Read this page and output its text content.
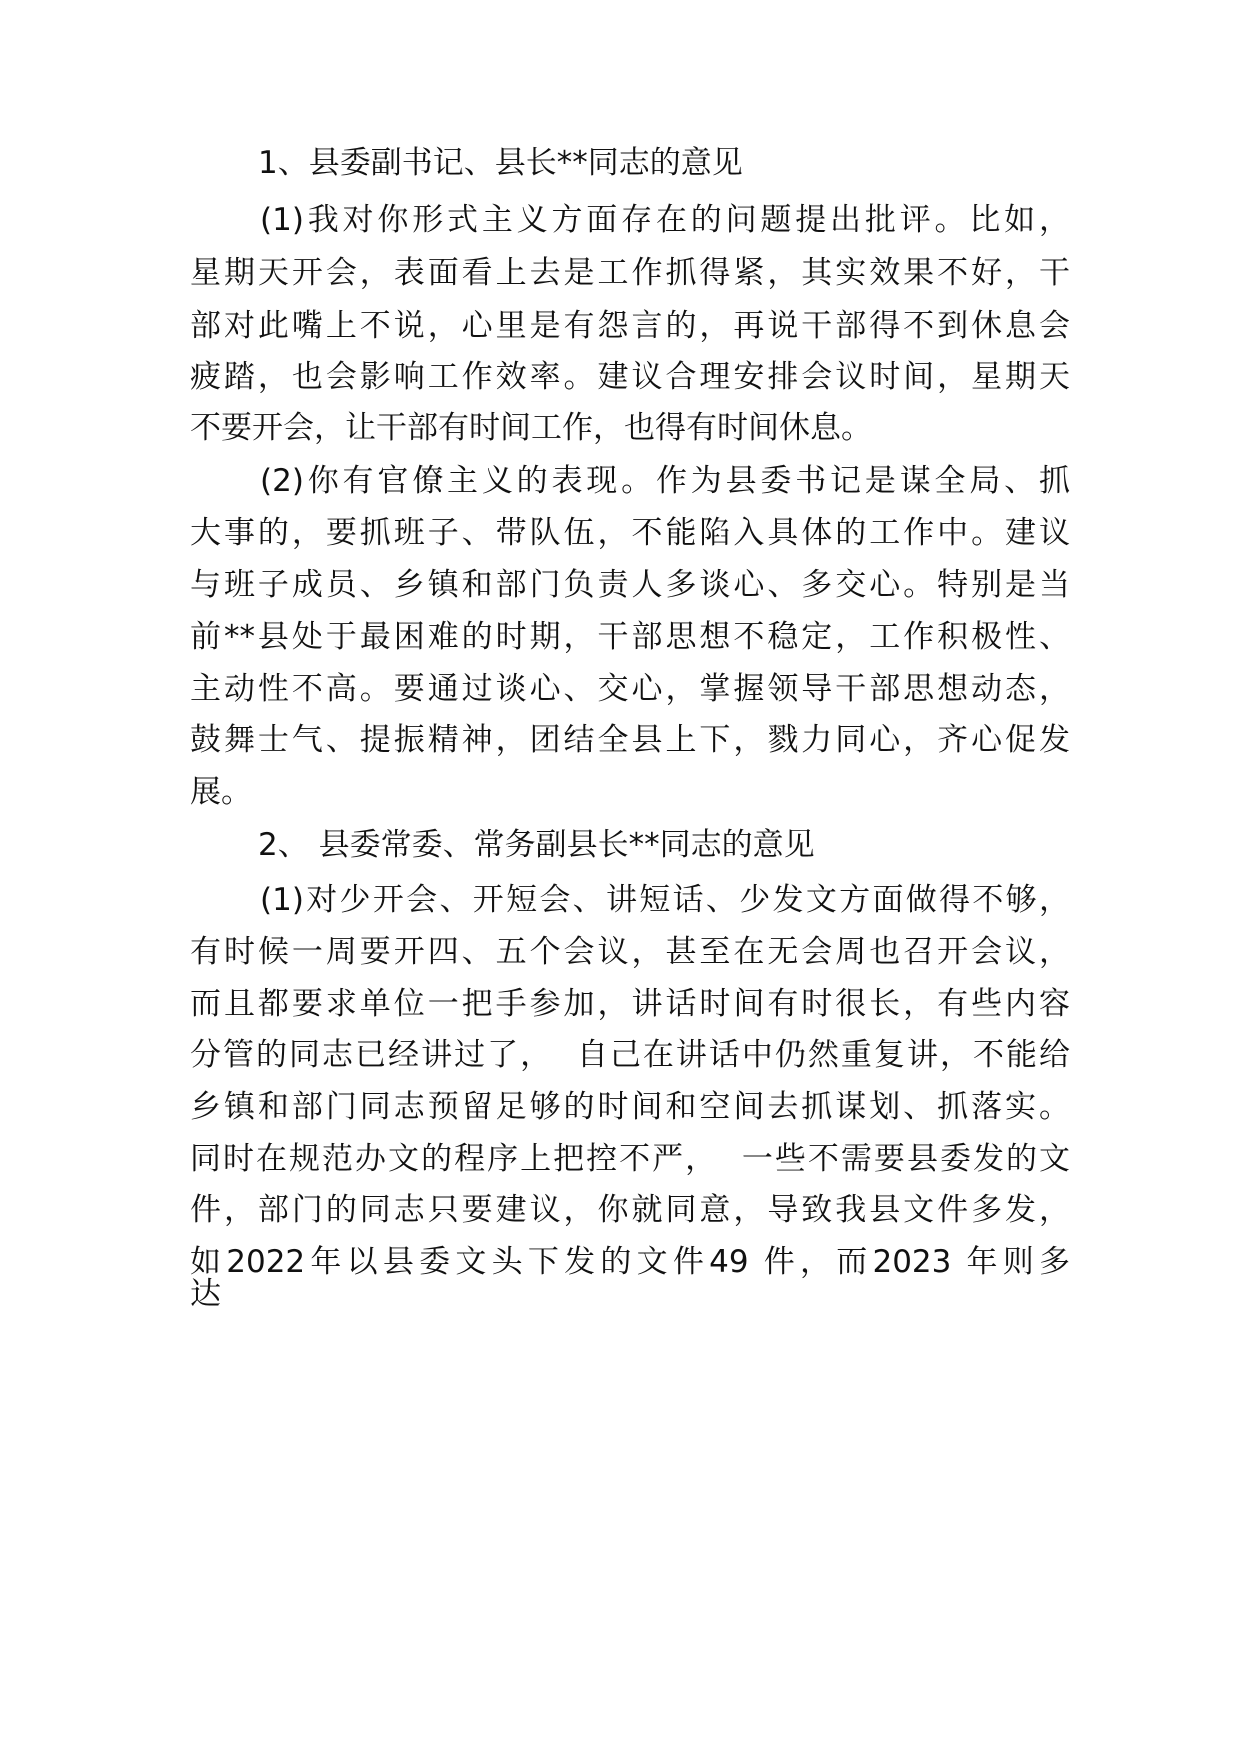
1、县委副书记、县长**同志的意见
(1)我对你形式主义方面存在的问题提出批评。比如，
星期天开会，表面看上去是工作抓得紧，其实效果不好，干
部对此嘴上不说，心里是有怨言的，再说干部得不到休息会
疲踏，也会影响工作效率。建议合理安排会议时间，星期天
不要开会，让干部有时间工作，也得有时间休息。
(2)你有官僚主义的表现。作为县委书记是谋全局、抓
大事的，要抓班子、带队伍，不能陷入具体的工作中。建议
与班子成员、乡镇和部门负责人多谈心、多交心。特别是当
前**县处于最困难的时期，干部思想不稳定，工作积极性、
主动性不高。要通过谈心、交心，掌握领导干部思想动态，
鼓舞士气、提振精神，团结全县上下，戮力同心，齐心促发
展。
2、 县委常委、常务副县长**同志的意见
(1)对少开会、开短会、讲短话、少发文方面做得不够，
有时候一周要开四、五个会议，甚至在无会周也召开会议，
而且都要求单位一把手参加，讲话时间有时很长，有些内容
分管的同志已经讲过了，  自己在讲话中仍然重复讲，不能给
乡镇和部门同志预留足够的时间和空间去抓谋划、抓落实。
同时在规范办文的程序上把控不严，  一些不需要县委发的文
件，部门的同志只要建议，你就同意，导致我县文件多发，
如2022年以县委文头下发的文件49 件，而2023 年则多
达
